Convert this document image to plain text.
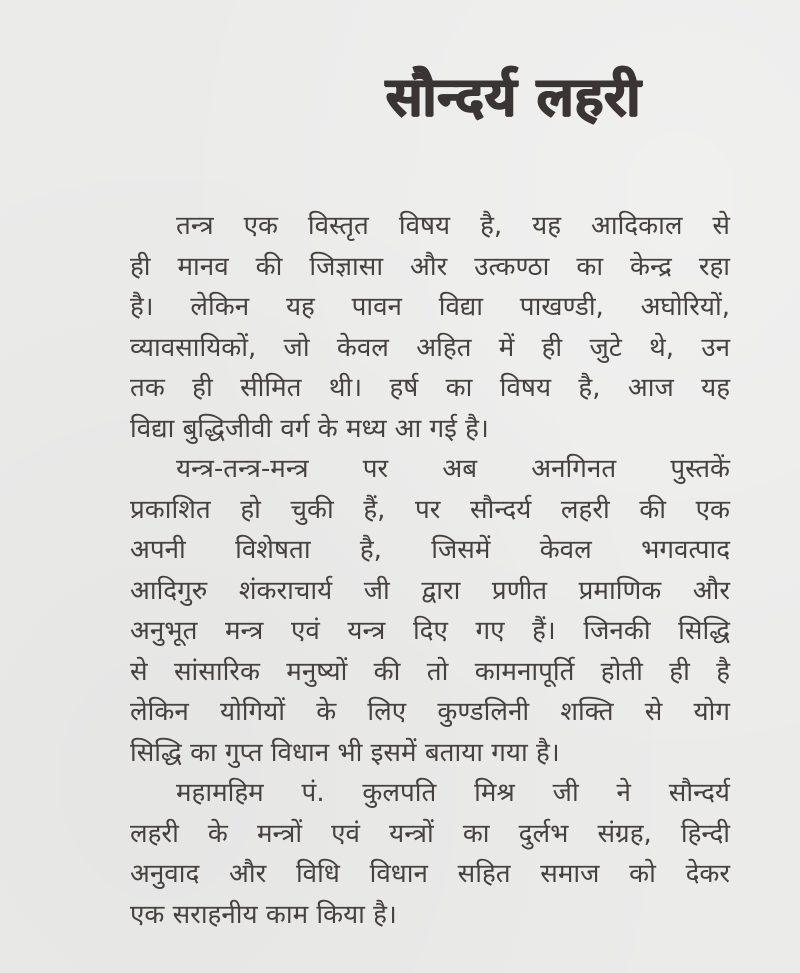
सौन्दर्य लहरी
तन्त्र एक विस्तृत विषय है, यह आदिकाल से
ही मानव की जिज्ञासा और उत्कण्ठा का केन्द्र रहा
है। लेकिन यह पावन विद्या पाखण्डी, अघोरियों,
व्यावसायिकों, जो केवल अहित में ही जुटे थे, उन
तक ही सीमित थी। हर्ष का विषय है, आज यह
विद्या बुद्धिजीवी वर्ग के मध्य आ गई है।
यन्त्र-तन्त्र-मन्त्र पर अब अनगिनत पुस्तकें
प्रकाशित हो चुकी हैं, पर सौन्दर्य लहरी की एक
अपनी विशेषता है, जिसमें केवल भगवत्पाद
आदिगुरु शंकराचार्य जी द्वारा प्रणीत प्रमाणिक और
अनुभूत मन्त्र एवं यन्त्र दिए गए हैं। जिनकी सिद्धि
से सांसारिक मनुष्यों की तो कामनापूर्ति होती ही है
लेकिन योगियों के लिए कुण्डलिनी शक्ति से योग
सिद्धि का गुप्त विधान भी इसमें बताया गया है।
महामहिम पं. कुलपति मिश्र जी ने सौन्दर्य
लहरी के मन्त्रों एवं यन्त्रों का दुर्लभ संग्रह, हिन्दी
अनुवाद और विधि विधान सहित समाज को देकर
एक सराहनीय काम किया है।
